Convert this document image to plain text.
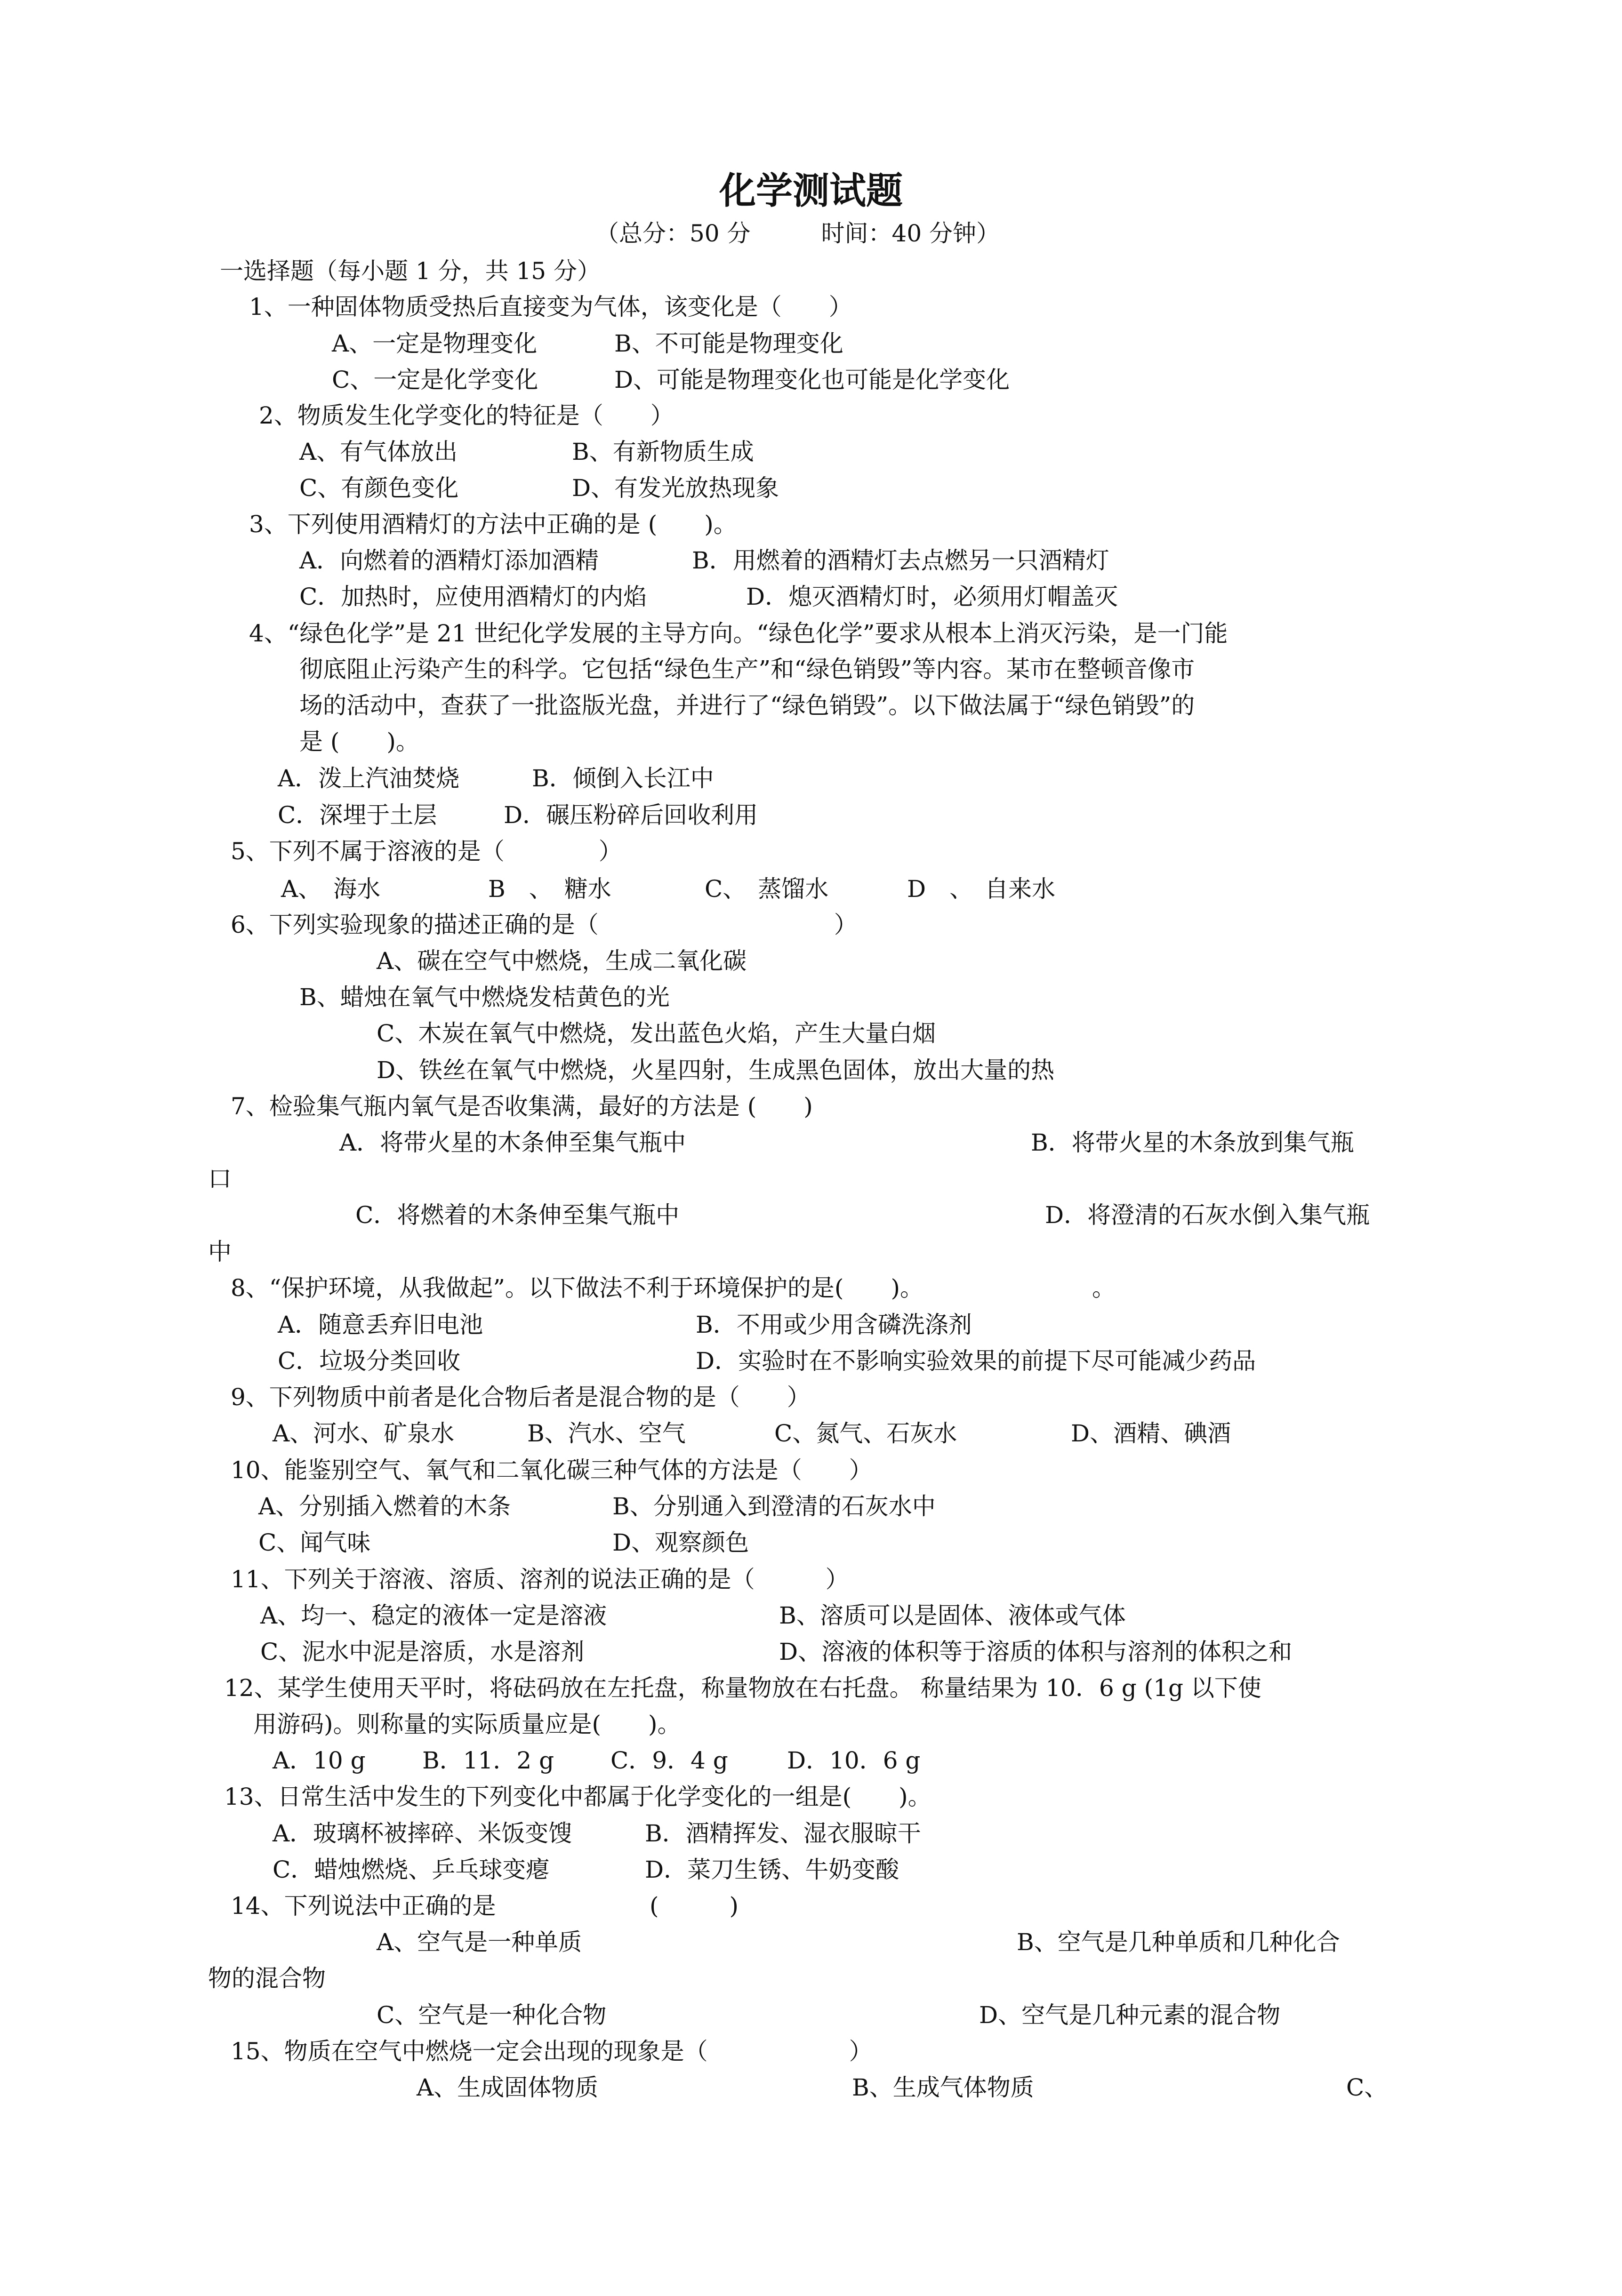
化学测试题
（总分：50 分　　　	时间：40 分钟）
一选择题（每小题 1 分，共 15 分）
1、一种固体物质受热后直接变为气体，该变化是（　　）
A、一定是物理变化	B、不可能是物理变化
C、一定是化学变化	D、可能是物理变化也可能是化学变化
2、物质发生化学变化的特征是（　　）
A、有气体放出	B、有新物质生成
C、有颜色变化	D、有发光放热现象
3、下列使用酒精灯的方法中正确的是 (　　)。
A．向燃着的酒精灯添加酒精	B．用燃着的酒精灯去点燃另一只酒精灯
C．加热时，应使用酒精灯的内焰	D．熄灭酒精灯时，必须用灯帽盖灭
4、“绿色化学”是 21 世纪化学发展的主导方向。“绿色化学”要求从根本上消灭污染，是一门能
彻底阻止污染产生的科学。它包括“绿色生产”和“绿色销毁”等内容。某市在整顿音像市
场的活动中，查获了一批盗版光盘，并进行了“绿色销毁”。以下做法属于“绿色销毁”的
是 (　　)。
A．泼上汽油焚烧	B．倾倒入长江中
C．深埋于土层	D．碾压粉碎后回收利用
5、下列不属于溶液的是（　　　　）
A、　海水	B　、　糖水	C、　蒸馏水	D　、　自来水
6、下列实验现象的描述正确的是（　　　　　　　　　　）
A、碳在空气中燃烧，生成二氧化碳
B、蜡烛在氧气中燃烧发桔黄色的光
C、木炭在氧气中燃烧，发出蓝色火焰，产生大量白烟
D、铁丝在氧气中燃烧，火星四射，生成黑色固体，放出大量的热
7、检验集气瓶内氧气是否收集满，最好的方法是 (　　)
A．将带火星的木条伸至集气瓶中	B．将带火星的木条放到集气瓶
口
C．将燃着的木条伸至集气瓶中	D．将澄清的石灰水倒入集气瓶
中
8、“保护环境，从我做起”。以下做法不利于环境保护的是(　　)。	。
A．随意丢弃旧电池	B．不用或少用含磷洗涤剂
C．垃圾分类回收	D．实验时在不影响实验效果的前提下尽可能减少药品
9、下列物质中前者是化合物后者是混合物的是（　　）
A、河水、矿泉水	B、汽水、空气	C、氮气、石灰水	D、酒精、碘酒
10、能鉴别空气、氧气和二氧化碳三种气体的方法是（　　）
A、分别插入燃着的木条	B、分别通入到澄清的石灰水中
C、闻气味	D、观察颜色
11、下列关于溶液、溶质、溶剂的说法正确的是（　　　）
A、均一、稳定的液体一定是溶液	B、溶质可以是固体、液体或气体
C、泥水中泥是溶质，水是溶剂	D、溶液的体积等于溶质的体积与溶剂的体积之和
12、某学生使用天平时，将砝码放在左托盘，称量物放在右托盘。 称量结果为 10．6 g (1g 以下使
用游码)。则称量的实际质量应是(　　)。
A．10 g B．11．2 g C．9．4 g	D．10．6 g
13、日常生活中发生的下列变化中都属于化学变化的一组是(　　)。
A．玻璃杯被摔碎、米饭变馊	B．酒精挥发、湿衣服晾干
C．蜡烛燃烧、乒乓球变瘪	D．菜刀生锈、牛奶变酸
14、下列说法中正确的是	(　　　)
A、空气是一种单质	B、空气是几种单质和几种化合
物的混合物
C、空气是一种化合物	D、空气是几种元素的混合物
15、物质在空气中燃烧一定会出现的现象是（　　　　　　）
A、生成固体物质	B、生成气体物质	C、
